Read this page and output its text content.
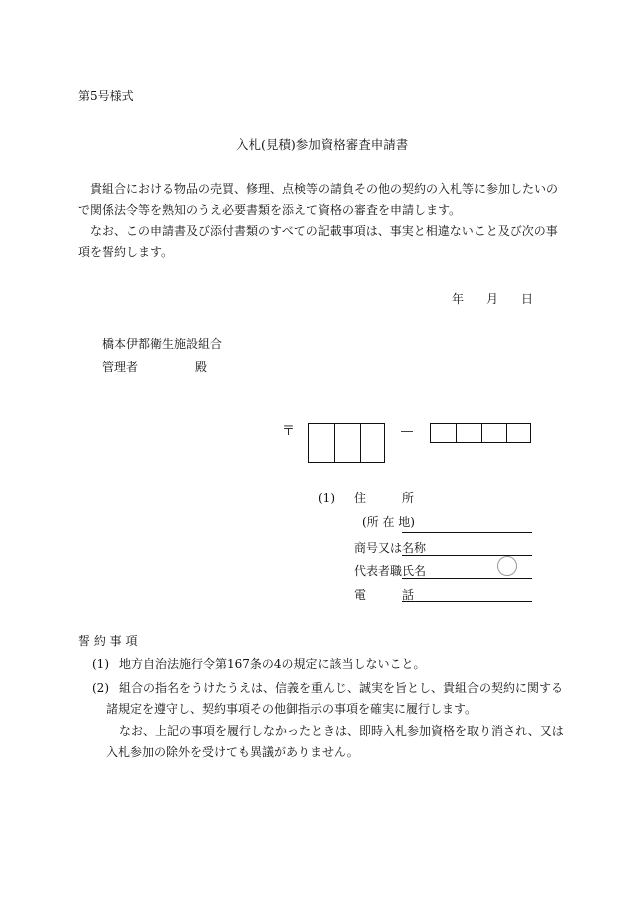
第5号様式
入札(見積)参加資格審査申請書
貴組合における物品の売買、修理、点検等の請負その他の契約の入札等に参加したいの
で関係法令等を熟知のうえ必要書類を添えて資格の審査を申請します。
なお、この申請書及び添付書類のすべての記載事項は、事実と相違ないこと及び次の事
項を誓約します。
年 月 日
橋本伊都衛生施設組合
管理者	殿
〒	―
(1) 住　　　所
(所 在 地)
商号又は名称
代表者職氏名
電　　　話
誓 約 事 項
(1) 地方自治法施行令第167条の4の規定に該当しないこと。
(2) 組合の指名をうけたうえは、信義を重んじ、誠実を旨とし、貴組合の契約に関する
諸規定を遵守し、契約事項その他御指示の事項を確実に履行します。
なお、上記の事項を履行しなかったときは、即時入札参加資格を取り消され、又は
入札参加の除外を受けても異議がありません。
